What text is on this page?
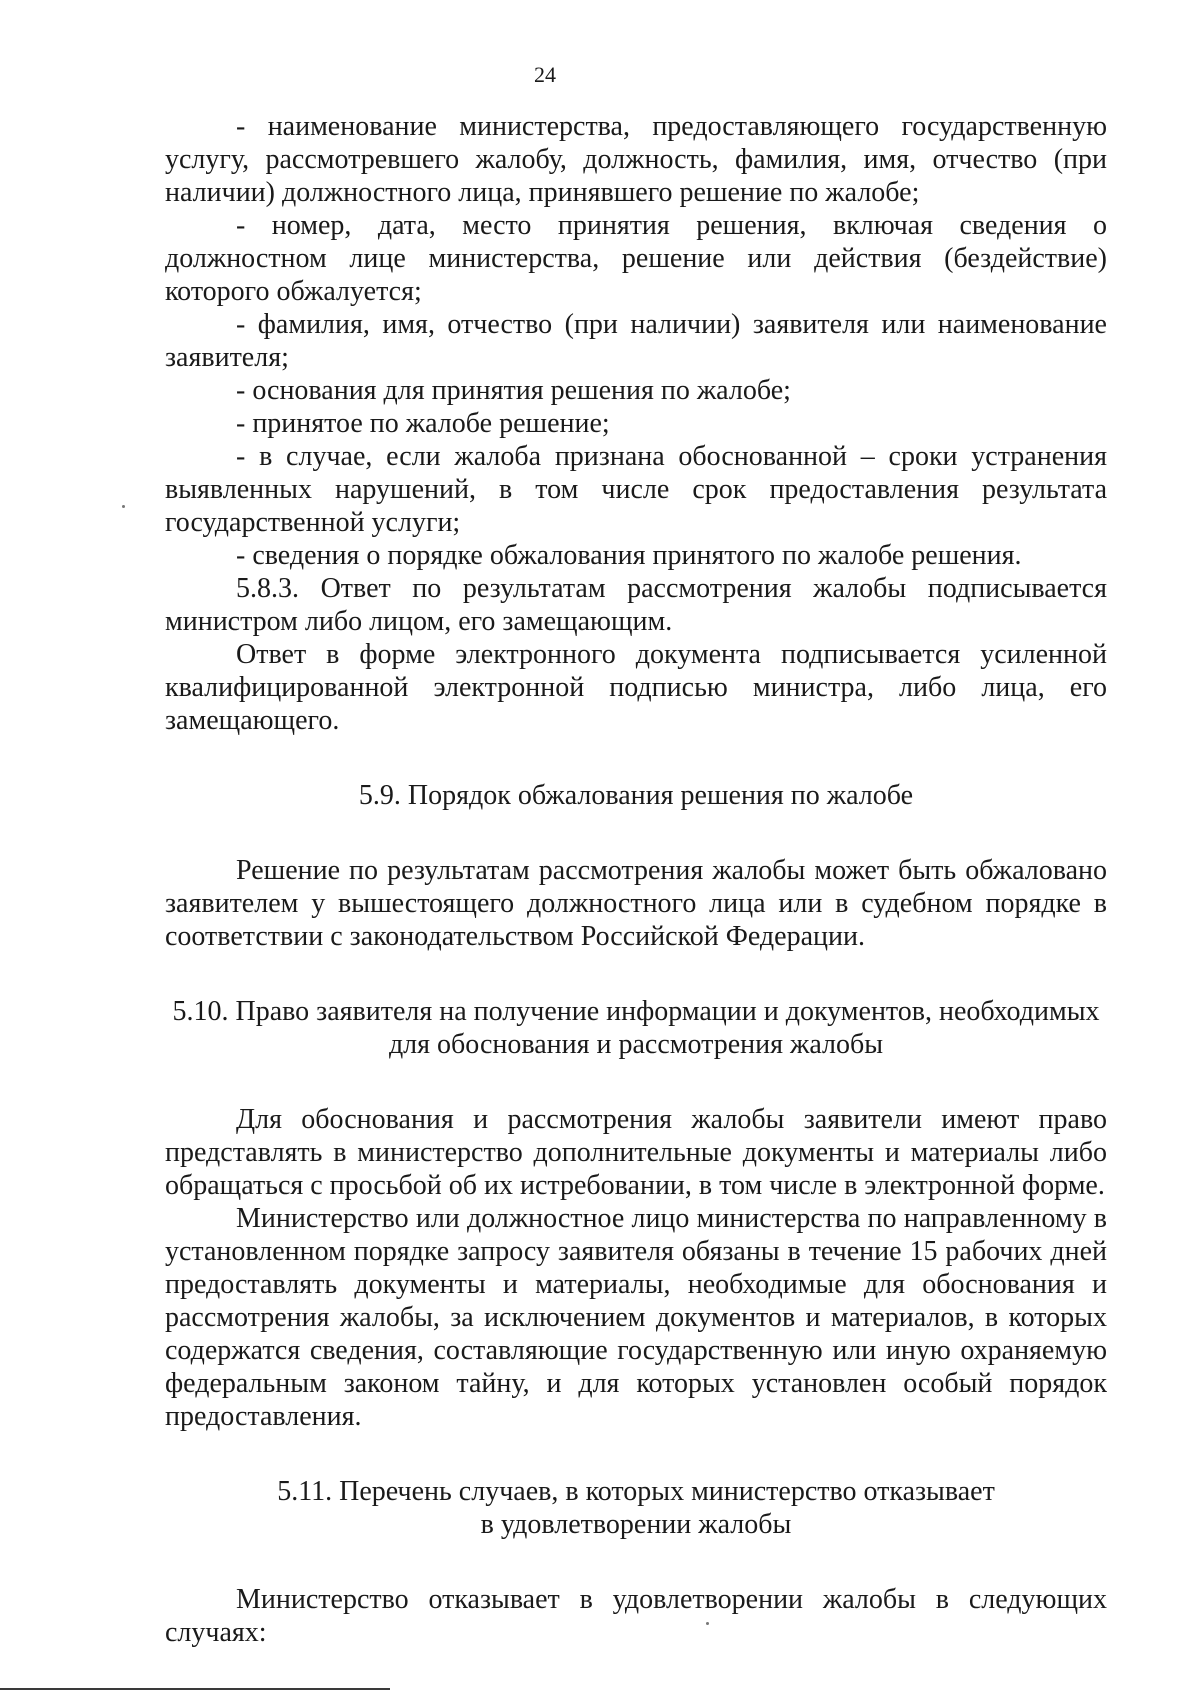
24

- наименование министерства, предоставляющего государственную услугу, рассмотревшего жалобу, должность, фамилия, имя, отчество (при наличии) должностного лица, принявшего решение по жалобе;

- номер, дата, место принятия решения, включая сведения о должностном лице министерства, решение или действия (бездействие) которого обжалуется;

- фамилия, имя, отчество (при наличии) заявителя или наименование заявителя;

- основания для принятия решения по жалобе;

- принятое по жалобе решение;

- в случае, если жалоба признана обоснованной – сроки устранения выявленных нарушений, в том числе срок предоставления результата государственной услуги;

- сведения о порядке обжалования принятого по жалобе решения.

5.8.3. Ответ по результатам рассмотрения жалобы подписывается министром либо лицом, его замещающим.

Ответ в форме электронного документа подписывается усиленной квалифицированной электронной подписью министра, либо лица, его замещающего.

5.9. Порядок обжалования решения по жалобе

Решение по результатам рассмотрения жалобы может быть обжаловано заявителем у вышестоящего должностного лица или в судебном порядке в соответствии с законодательством Российской Федерации.

5.10. Право заявителя на получение информации и документов, необходимых

для обоснования и рассмотрения жалобы

Для обоснования и рассмотрения жалобы заявители имеют право представлять в министерство дополнительные документы и материалы либо обращаться с просьбой об их истребовании, в том числе в электронной форме.

Министерство или должностное лицо министерства по направленному в установленном порядке запросу заявителя обязаны в течение 15 рабочих дней предоставлять документы и материалы, необходимые для обоснования и рассмотрения жалобы, за исключением документов и материалов, в которых содержатся сведения, составляющие государственную или иную охраняемую федеральным законом тайну, и для которых установлен особый порядок предоставления.

5.11. Перечень случаев, в которых министерство отказывает

в удовлетворении жалобы

Министерство отказывает в удовлетворении жалобы в следующих случаях:
